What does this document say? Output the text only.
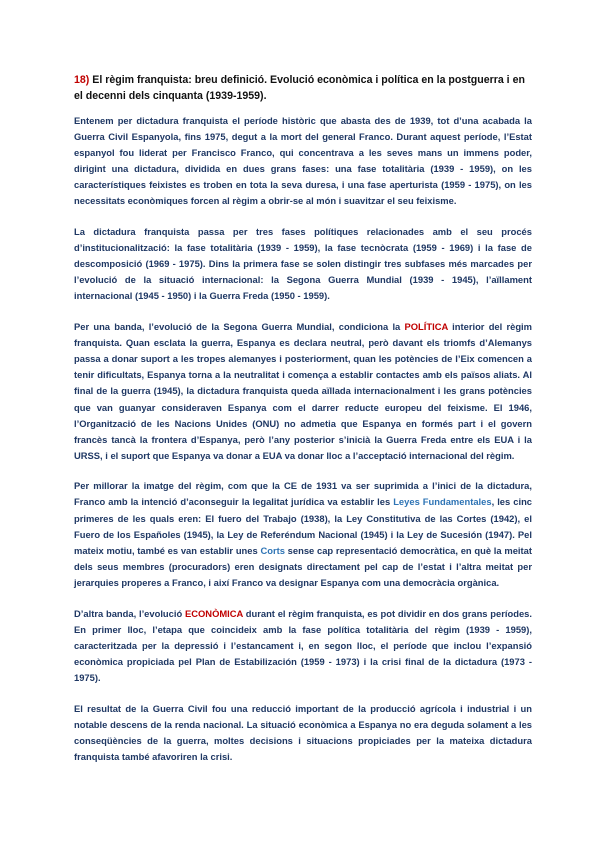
18) El règim franquista: breu definició. Evolució econòmica i política en la postguerra i en el decenni dels cinquanta (1939-1959).

Entenem per dictadura franquista el període històric que abasta des de 1939, tot d’una acabada la Guerra Civil Espanyola, fins 1975, degut a la mort del general Franco. Durant aquest període, l’Estat espanyol fou liderat per Francisco Franco, qui concentrava a les seves mans un immens poder, dirigint una dictadura, dividida en dues grans fases: una fase totalitària (1939 - 1959), on les característiques feixistes es troben en tota la seva duresa, i una fase aperturista (1959 - 1975), on les necessitats econòmiques forcen al règim a obrir-se al món i suavitzar el seu feixisme.

La dictadura franquista passa per tres fases polítiques relacionades amb el seu procés d’institucionalització: la fase totalitària (1939 - 1959), la fase tecnòcrata (1959 - 1969) i la fase de descomposició (1969 - 1975). Dins la primera fase se solen distingir tres subfases més marcades per l’evolució de la situació internacional: la Segona Guerra Mundial (1939 - 1945), l’aïllament internacional (1945 - 1950) i la Guerra Freda (1950 - 1959).

Per una banda, l’evolució de la Segona Guerra Mundial, condiciona la POLÍTICA interior del règim franquista. Quan esclata la guerra, Espanya es declara neutral, però davant els triomfs d’Alemanys passa a donar suport a les tropes alemanyes i posteriorment, quan les potències de l’Eix comencen a tenir dificultats, Espanya torna a la neutralitat i comença a establir contactes amb els països aliats. Al final de la guerra (1945), la dictadura franquista queda aïllada internacionalment i les grans potències que van guanyar consideraven Espanya com el darrer reducte europeu del feixisme. El 1946, l’Organització de les Nacions Unides (ONU) no admetia que Espanya en formés part i el govern francès tancà la frontera d’Espanya, però l’any posterior s’inicià la Guerra Freda entre els EUA i la URSS, i el suport que Espanya va donar a EUA va donar lloc a l’acceptació internacional del règim.

Per millorar la imatge del règim, com que la CE de 1931 va ser suprimida a l’inici de la dictadura, Franco amb la intenció d’aconseguir la legalitat jurídica va establir les Leyes Fundamentales, les cinc primeres de les quals eren: El fuero del Trabajo (1938), la Ley Constitutiva de las Cortes (1942), el Fuero de los Españoles (1945), la Ley de Referéndum Nacional (1945) i la Ley de Sucesión (1947). Pel mateix motiu, també es van establir unes Corts sense cap representació democràtica, en què la meitat dels seus membres (procuradors) eren designats directament pel cap de l’estat i l’altra meitat per jerarquies properes a Franco, i així Franco va designar Espanya com una democràcia orgànica.

D’altra banda, l’evolució ECONÒMICA durant el règim franquista, es pot dividir en dos grans períodes. En primer lloc, l’etapa que coincideix amb la fase política totalitària del règim (1939 - 1959), caracteritzada per la depressió i l’estancament i, en segon lloc, el període que inclou l’expansió econòmica propiciada pel Plan de Estabilización (1959 - 1973) i la crisi final de la dictadura (1973 - 1975).

El resultat de la Guerra Civil fou una reducció important de la producció agrícola i industrial i un notable descens de la renda nacional. La situació econòmica a Espanya no era deguda solament a les conseqüències de la guerra, moltes decisions i situacions propiciades per la mateixa dictadura franquista també afavoriren la crisi.
